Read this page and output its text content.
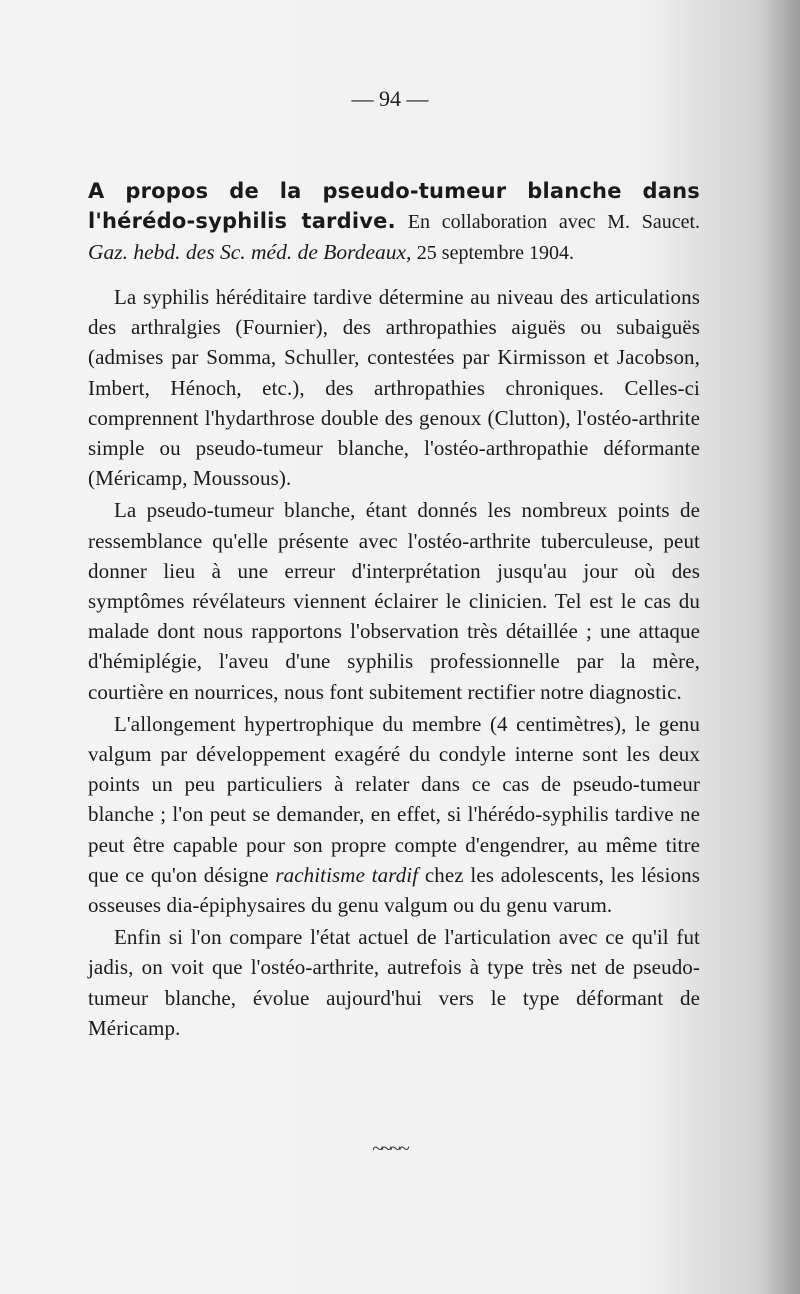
— 94 —

A propos de la pseudo-tumeur blanche dans l'hérédo-syphilis tardive. En collaboration avec M. Saucet. Gaz. hebd. des Sc. méd. de Bordeaux, 25 septembre 1904.

La syphilis héréditaire tardive détermine au niveau des articulations des arthralgies (Fournier), des arthropathies aiguës ou subaiguës (admises par Somma, Schuller, contestées par Kirmisson et Jacobson, Imbert, Hénoch, etc.), des arthropathies chroniques. Celles-ci comprennent l'hydarthrose double des genoux (Clutton), l'ostéo-arthrite simple ou pseudo-tumeur blanche, l'ostéo-arthropathie déformante (Méricamp, Moussous).

La pseudo-tumeur blanche, étant donnés les nombreux points de ressemblance qu'elle présente avec l'ostéo-arthrite tuberculeuse, peut donner lieu à une erreur d'interprétation jusqu'au jour où des symptômes révélateurs viennent éclairer le clinicien. Tel est le cas du malade dont nous rapportons l'observation très détaillée ; une attaque d'hémiplégie, l'aveu d'une syphilis professionnelle par la mère, courtière en nourrices, nous font subitement rectifier notre diagnostic.

L'allongement hypertrophique du membre (4 centimètres), le genu valgum par développement exagéré du condyle interne sont les deux points un peu particuliers à relater dans ce cas de pseudo-tumeur blanche ; l'on peut se demander, en effet, si l'hérédo-syphilis tardive ne peut être capable pour son propre compte d'engendrer, au même titre que ce qu'on désigne rachitisme tardif chez les adolescents, les lésions osseuses dia-épiphysaires du genu valgum ou du genu varum.

Enfin si l'on compare l'état actuel de l'articulation avec ce qu'il fut jadis, on voit que l'ostéo-arthrite, autrefois à type très net de pseudo-tumeur blanche, évolue aujourd'hui vers le type déformant de Méricamp.

~~~~
